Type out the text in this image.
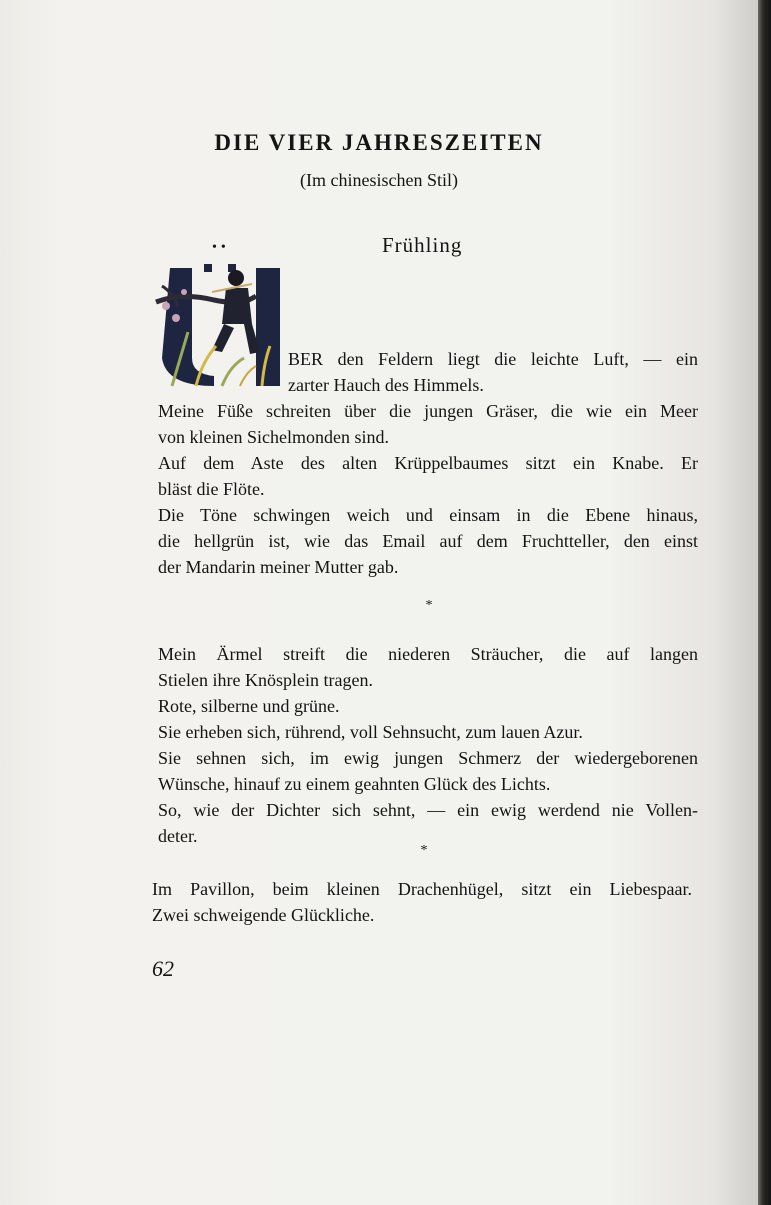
DIE VIER JAHRESZEITEN
(Im chinesischen Stil)
••	Frühling
BER den Feldern liegt die leichte Luft, — ein
zarter Hauch des Himmels.
Meine Füße schreiten über die jungen Gräser, die wie ein Meer
von kleinen Sichelmonden sind.
Auf dem Aste des alten Krüppelbaumes sitzt ein Knabe. Er
bläst die Flöte.
Die Töne schwingen weich und einsam in die Ebene hinaus,
die hellgrün ist, wie das Email auf dem Fruchtteller, den einst
der Mandarin meiner Mutter gab.
*
Mein Ärmel streift die niederen Sträucher, die auf langen
Stielen ihre Knösplein tragen.
Rote, silberne und grüne.
Sie erheben sich, rührend, voll Sehnsucht, zum lauen Azur.
Sie sehnen sich, im ewig jungen Schmerz der wiedergeborenen
Wünsche, hinauf zu einem geahnten Glück des Lichts.
So, wie der Dichter sich sehnt, — ein ewig werdend nie Vollen-
deter.
*
Im Pavillon, beim kleinen Drachenhügel, sitzt ein Liebespaar.
Zwei schweigende Glückliche.
62
